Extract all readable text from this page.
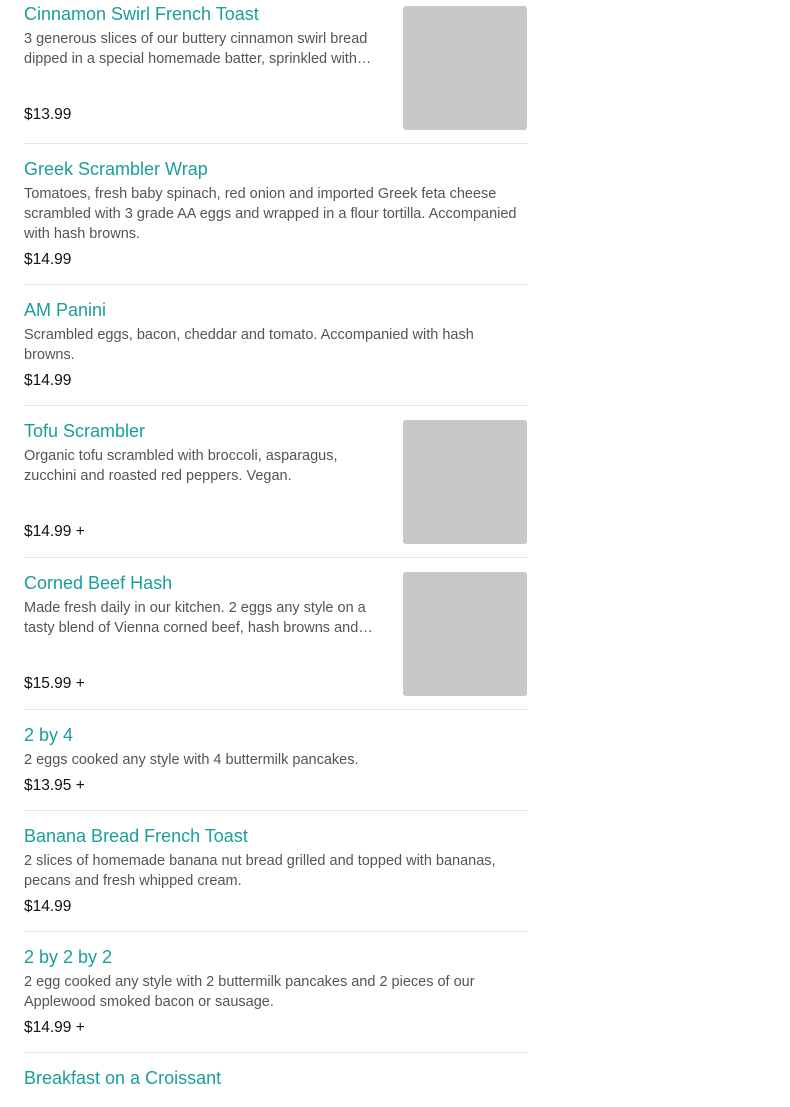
Cinnamon Swirl French Toast

3 generous slices of our buttery cinnamon swirl bread dipped in a special homemade batter, sprinkled with…

$13.99
Greek Scrambler Wrap

Tomatoes, fresh baby spinach, red onion and imported Greek feta cheese scrambled with 3 grade AA eggs and wrapped in a flour tortilla. Accompanied with hash browns.

$14.99
AM Panini

Scrambled eggs, bacon, cheddar and tomato. Accompanied with hash browns.

$14.99
Tofu Scrambler

Organic tofu scrambled with broccoli, asparagus, zucchini and roasted red peppers. Vegan.

$14.99 +
Corned Beef Hash

Made fresh daily in our kitchen. 2 eggs any style on a tasty blend of Vienna corned beef, hash browns and…

$15.99 +
2 by 4

2 eggs cooked any style with 4 buttermilk pancakes.

$13.95 +
Banana Bread French Toast

2 slices of homemade banana nut bread grilled and topped with bananas, pecans and fresh whipped cream.

$14.99
2 by 2 by 2

2 egg cooked any style with 2 buttermilk pancakes and 2 pieces of our Applewood smoked bacon or sausage.

$14.99 +
Breakfast on a Croissant
